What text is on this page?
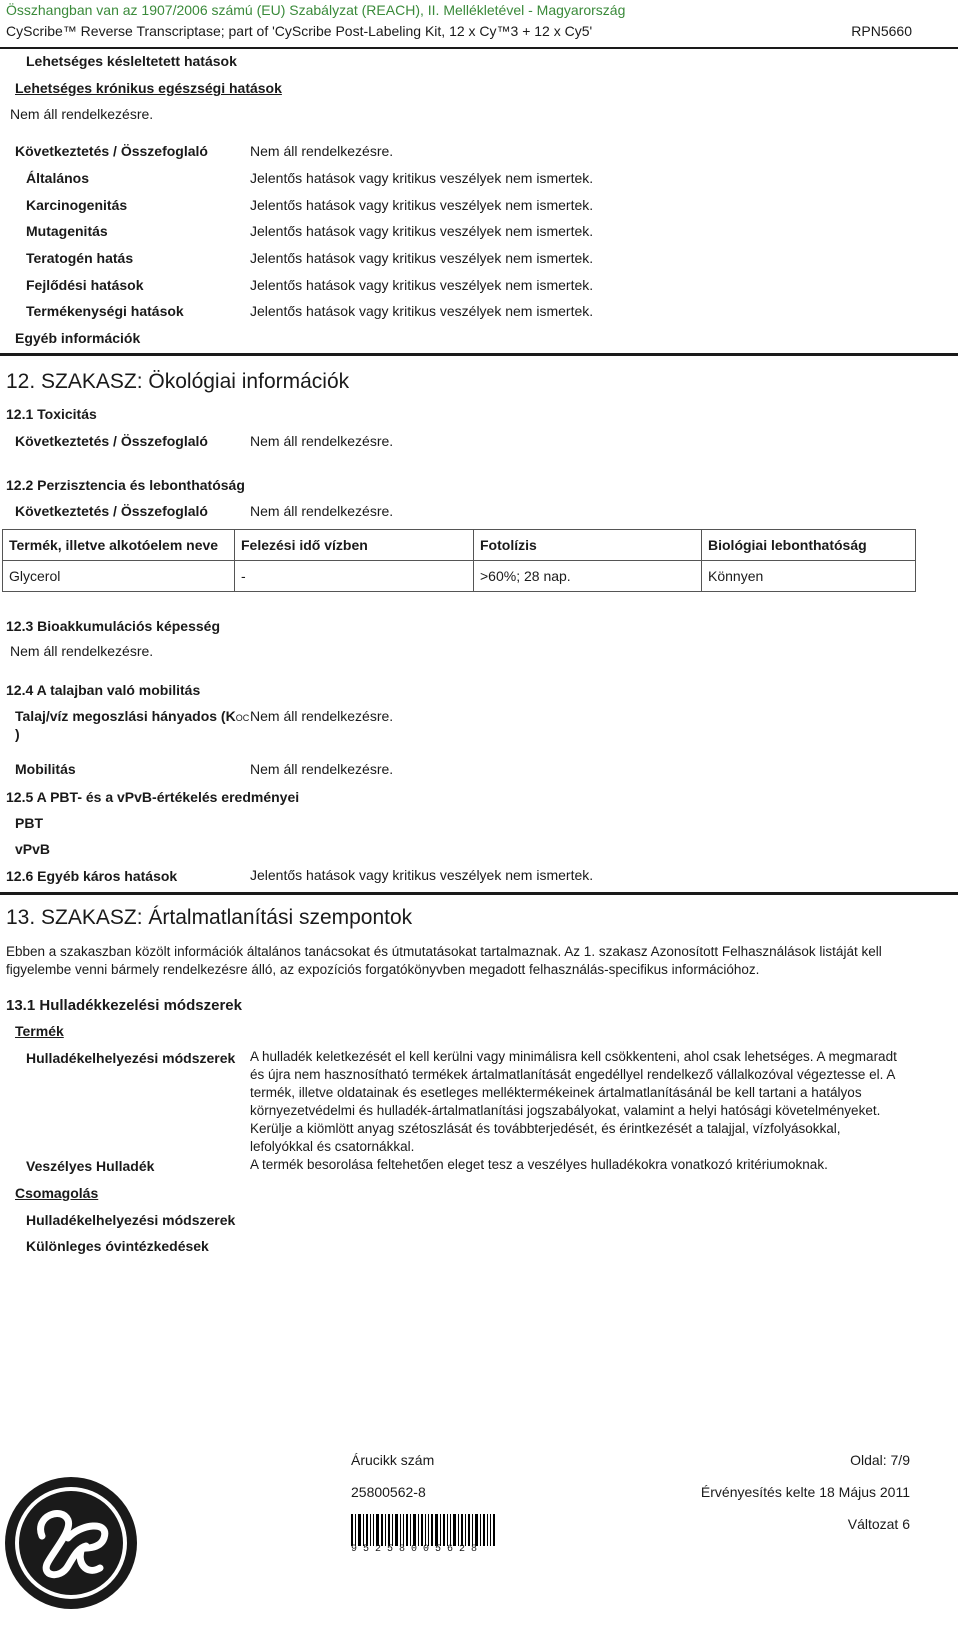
Összhangban van az 1907/2006 számú (EU) Szabályzat (REACH), II. Mellékletével - Magyarország
CyScribe™ Reverse Transcriptase; part of 'CyScribe Post-Labeling Kit, 12 x Cy™3 + 12 x Cy5'	RPN5660
Lehetséges késleltetett hatások
Lehetséges krónikus egészségi hatások
Nem áll rendelkezésre.
Következtetés / Összefoglaló	Nem áll rendelkezésre.
Általános	Jelentős hatások vagy kritikus veszélyek nem ismertek.
Karcinogenitás	Jelentős hatások vagy kritikus veszélyek nem ismertek.
Mutagenitás	Jelentős hatások vagy kritikus veszélyek nem ismertek.
Teratogén hatás	Jelentős hatások vagy kritikus veszélyek nem ismertek.
Fejlődési hatások	Jelentős hatások vagy kritikus veszélyek nem ismertek.
Termékenységi hatások	Jelentős hatások vagy kritikus veszélyek nem ismertek.
Egyéb információk
12. SZAKASZ: Ökológiai információk
12.1 Toxicitás
Következtetés / Összefoglaló	Nem áll rendelkezésre.
12.2 Perzisztencia és lebonthatóság
Következtetés / Összefoglaló	Nem áll rendelkezésre.
Termék, illetve alkotóelem neve	Felezési idő vízben	Fotolízis	Biológiai lebonthatóság
Glycerol	-	>60%; 28 nap.	Könnyen
12.3 Bioakkumulációs képesség
Nem áll rendelkezésre.
12.4 A talajban való mobilitás
Talaj/víz megoszlási hányados (KOC
)
Nem áll rendelkezésre.
Mobilitás	Nem áll rendelkezésre.
12.5 A PBT- és a vPvB-értékelés eredményei
PBT
vPvB
12.6 Egyéb káros hatások	Jelentős hatások vagy kritikus veszélyek nem ismertek.
13. SZAKASZ: Ártalmatlanítási szempontok
Ebben a szakaszban közölt információk általános tanácsokat és útmutatásokat tartalmaznak. Az 1. szakasz Azonosított Felhasználások listáját kell figyelembe venni bármely rendelkezésre álló, az expozíciós forgatókönyvben megadott felhasználás-specifikus információhoz.
13.1 Hulladékkezelési módszerek
Termék
Hulladékelhelyezési módszerek A hulladék keletkezését el kell kerülni vagy minimálisra kell csökkenteni, ahol csak lehetséges. A megmaradt és újra nem hasznosítható termékek ártalmatlanítását engedéllyel rendelkező vállalkozóval végeztesse el. A termék, illetve oldatainak és esetleges melléktermékeinek ártalmatlanításánál be kell tartani a hatályos környezetvédelmi és hulladék-ártalmatlanítási jogszabályokat, valamint a helyi hatósági követelményeket. Kerülje a kiömlött anyag szétoszlását és továbbterjedését, és érintkezését a talajjal, vízfolyásokkal, lefolyókkal és csatornákkal.
Veszélyes Hulladék	A termék besorolása feltehetően eleget tesz a veszélyes hulladékokra vonatkozó kritériumoknak.
Csomagolás
Hulladékelhelyezési módszerek
Különleges óvintézkedések
Árucikk szám
25800562-8
9 5 2 5 8 0 0 5 6 2 8
Oldal: 7/9
Érvényesítés kelte 18 Május 2011
Változat 6
